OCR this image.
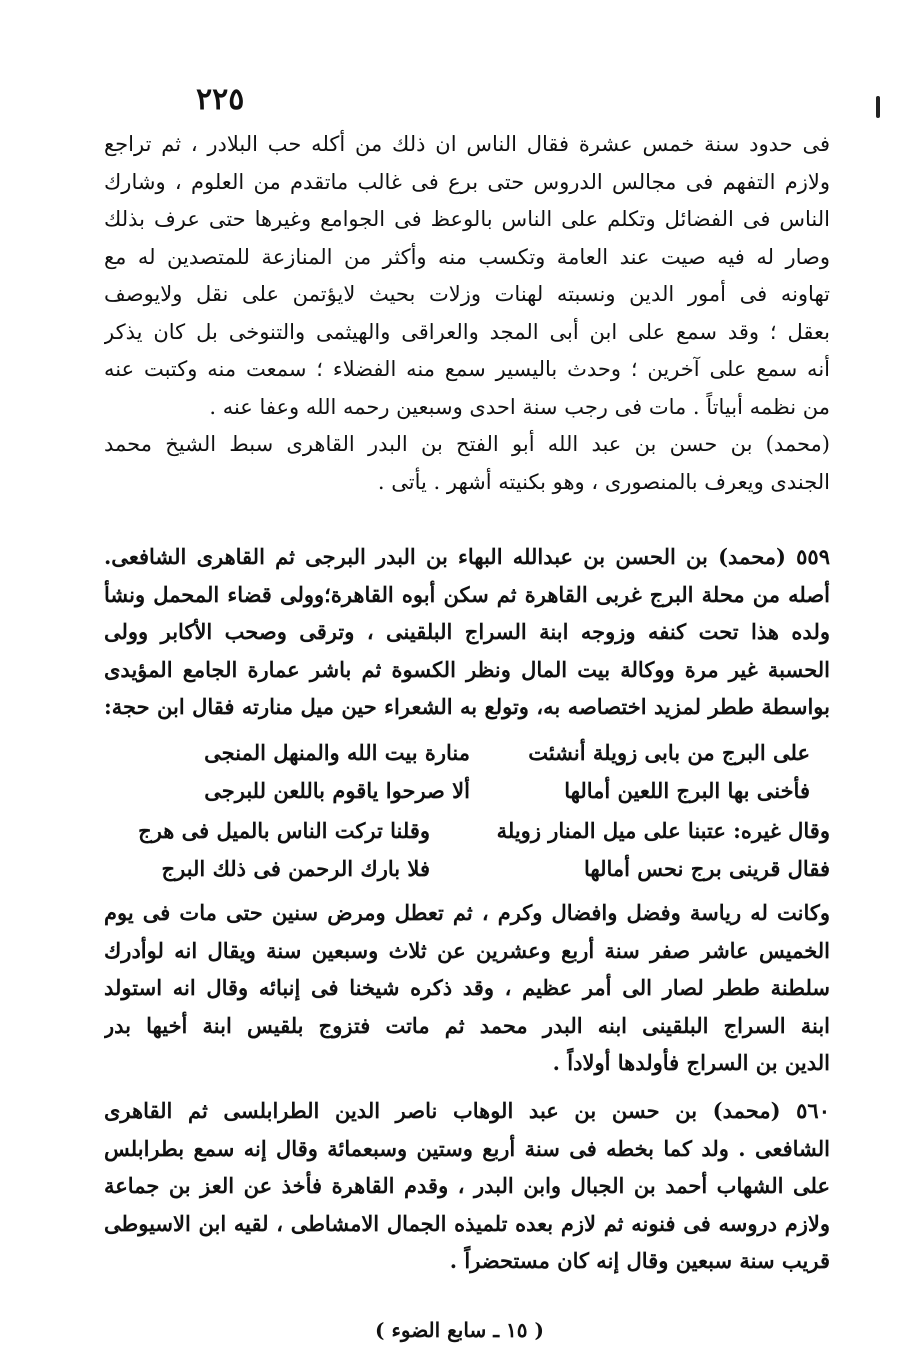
٢٢٥
فى حدود سنة خمس عشرة فقال الناس ان ذلك من أكله حب البلادر ، ثم تراجع
ولازم التفهم فى مجالس الدروس حتى برع فى غالب ماتقدم من العلوم ، وشارك
الناس فى الفضائل وتكلم على الناس بالوعظ فى الجوامع وغيرها حتى عرف بذلك
وصار له فيه صيت عند العامة وتكسب منه وأكثر من المنازعة للمتصدين له مع
تهاونه فى أمور الدين ونسبته لهنات وزلات بحيث لايؤتمن على نقل ولايوصف
بعقل ؛ وقد سمع على ابن أبى المجد والعراقى والهيثمى والتنوخى بل كان يذكر
أنه سمع على آخرين ؛ وحدث باليسير سمع منه الفضلاء ؛ سمعت منه وكتبت عنه
من نظمه أبياتاً . مات فى رجب سنة احدى وسبعين رحمه الله وعفا عنه .
(محمد) بن حسن بن عبد الله أبو الفتح بن البدر القاهرى سبط الشيخ محمد
الجندى ويعرف بالمنصورى ، وهو بكنيته أشهر . يأتى .
٥٥٩ (محمد) بن الحسن بن عبدالله البهاء بن البدر البرجى ثم القاهرى الشافعى.
أصله من محلة البرج غربى القاهرة ثم سكن أبوه القاهرة؛وولى قضاء المحمل ونشأ
ولده هذا تحت كنفه وزوجه ابنة السراج البلقينى ، وترقى وصحب الأكابر وولى
الحسبة غير مرة ووكالة بيت المال ونظر الكسوة ثم باشر عمارة الجامع المؤيدى
بواسطة ططر لمزيد اختصاصه به، وتولع به الشعراء حين ميل منارته فقال ابن حجة:
على البرج من بابى زويلة أنشئت
منارة بيت الله والمنهل المنجى
فأخنى بها البرج اللعين أمالها
ألا صرحوا ياقوم باللعن للبرجى
وقال غيره: عتبنا على ميل المنار زويلة
وقلنا تركت الناس بالميل فى هرج
فقال قرينى برج نحس أمالها
فلا بارك الرحمن فى ذلك البرج
وكانت له رياسة وفضل وافضال وكرم ، ثم تعطل ومرض سنين حتى مات فى يوم
الخميس عاشر صفر سنة أربع وعشرين عن ثلاث وسبعين سنة ويقال انه لوأدرك
سلطنة ططر لصار الى أمر عظيم ، وقد ذكره شيخنا فى إنبائه وقال انه استولد
ابنة السراج البلقينى ابنه البدر محمد ثم ماتت فتزوج بلقيس ابنة أخيها بدر
الدين بن السراج فأولدها أولاداً .
٥٦٠ (محمد) بن حسن بن عبد الوهاب ناصر الدين الطرابلسى ثم القاهرى
الشافعى . ولد كما بخطه فى سنة أربع وستين وسبعمائة وقال إنه سمع بطرابلس
على الشهاب أحمد بن الجبال وابن البدر ، وقدم القاهرة فأخذ عن العز بن جماعة
ولازم دروسه فى فنونه ثم لازم بعده تلميذه الجمال الامشاطى ، لقيه ابن الاسيوطى
قريب سنة سبعين وقال إنه كان مستحضراً .
( ١٥ ـ سابع الضوء )
